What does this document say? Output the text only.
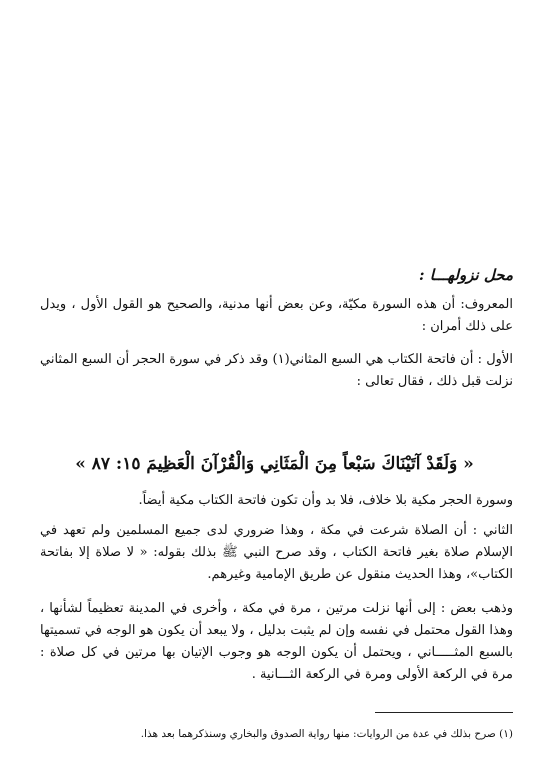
محل نزولهـــا :
المعروف: أن هذه السورة مكيّة، وعن بعض أنها مدنية، والصحيح هو القول الأول ، ويدل على ذلك أمران :
الأول : أن فاتحة الكتاب هي السبع المثاني(١) وقد ذكر في سورة الحجر أن السبع المثاني نزلت قبل ذلك ، فقال تعالى :
« وَلَقَدْ آتَيْنَاكَ سَبْعاً مِنَ الْمَثَانِي وَالْقُرْآنَ الْعَظِيمَ ١٥: ٨٧ »
وسورة الحجر مكية بلا خلاف، فلا بد وأن تكون فاتحة الكتاب مكية أيضاً.
الثاني : أن الصلاة شرعت في مكة ، وهذا ضروري لدى جميع المسلمين ولم تعهد في الإسلام صلاة بغير فاتحة الكتاب ، وقد صرح النبي ﷺ بذلك بقوله: « لا صلاة إلا بفاتحة الكتاب»، وهذا الحديث منقول عن طريق الإمامية وغيرهم.
وذهب بعض : إلى أنها نزلت مرتين ، مرة في مكة ، وأخرى في المدينة تعظيماً لشأنها ، وهذا القول محتمل في نفسه وإن لم يثبت بدليل ، ولا يبعد أن يكون هو الوجه في تسميتها بالسبع المثـــــاني ، ويحتمل أن يكون الوجه هو وجوب الإتيان بها مرتين في كل صلاة : مرة في الركعة الأولى ومرة في الركعة الثـــانية .
(١) صرح بذلك في عدة من الروايات: منها رواية الصدوق والبخاري وسنذكرهما بعد هذا.
